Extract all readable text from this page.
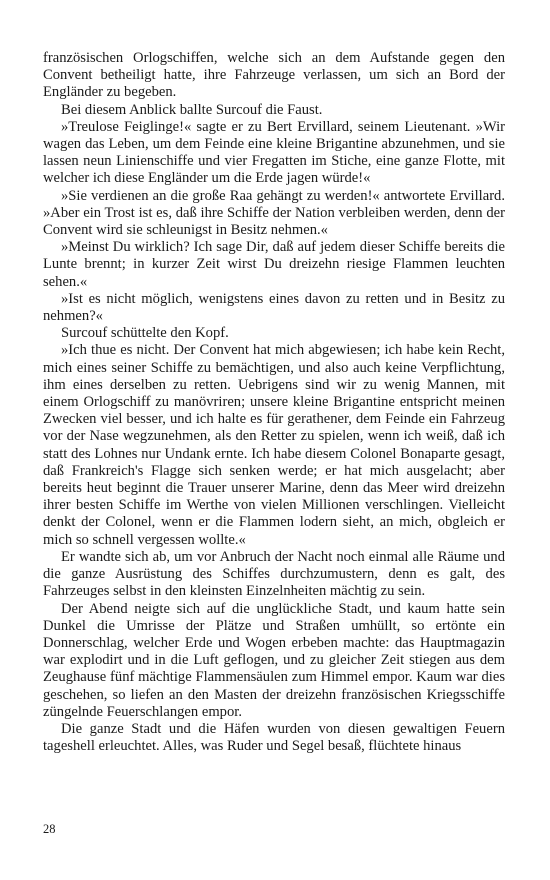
französischen Orlogschiffen, welche sich an dem Aufstande gegen den Convent betheiligt hatte, ihre Fahrzeuge verlassen, um sich an Bord der Engländer zu begeben.

Bei diesem Anblick ballte Surcouf die Faust.

»Treulose Feiglinge!« sagte er zu Bert Ervillard, seinem Lieutenant. »Wir wagen das Leben, um dem Feinde eine kleine Brigantine abzunehmen, und sie lassen neun Linienschiffe und vier Fregatten im Stiche, eine ganze Flotte, mit welcher ich diese Engländer um die Erde jagen würde!«

»Sie verdienen an die große Raa gehängt zu werden!« antwortete Ervillard. »Aber ein Trost ist es, daß ihre Schiffe der Nation verbleiben werden, denn der Convent wird sie schleunigst in Besitz nehmen.«

»Meinst Du wirklich? Ich sage Dir, daß auf jedem dieser Schiffe bereits die Lunte brennt; in kurzer Zeit wirst Du dreizehn riesige Flammen leuchten sehen.«

»Ist es nicht möglich, wenigstens eines davon zu retten und in Besitz zu nehmen?«

Surcouf schüttelte den Kopf.

»Ich thue es nicht. Der Convent hat mich abgewiesen; ich habe kein Recht, mich eines seiner Schiffe zu bemächtigen, und also auch keine Verpflichtung, ihm eines derselben zu retten. Uebrigens sind wir zu wenig Mannen, mit einem Orlogschiff zu manövriren; unsere kleine Brigantine entspricht meinen Zwecken viel besser, und ich halte es für gerathener, dem Feinde ein Fahrzeug vor der Nase wegzunehmen, als den Retter zu spielen, wenn ich weiß, daß ich statt des Lohnes nur Undank ernte. Ich habe diesem Colonel Bonaparte gesagt, daß Frankreich's Flagge sich senken werde; er hat mich ausgelacht; aber bereits heut beginnt die Trauer unserer Marine, denn das Meer wird dreizehn ihrer besten Schiffe im Werthe von vielen Millionen verschlingen. Vielleicht denkt der Colonel, wenn er die Flammen lodern sieht, an mich, obgleich er mich so schnell vergessen wollte.«

Er wandte sich ab, um vor Anbruch der Nacht noch einmal alle Räume und die ganze Ausrüstung des Schiffes durchzumustern, denn es galt, des Fahrzeuges selbst in den kleinsten Einzelnheiten mächtig zu sein.

Der Abend neigte sich auf die unglückliche Stadt, und kaum hatte sein Dunkel die Umrisse der Plätze und Straßen umhüllt, so ertönte ein Donnerschlag, welcher Erde und Wogen erbeben machte: das Hauptmagazin war explodirt und in die Luft geflogen, und zu gleicher Zeit stiegen aus dem Zeughause fünf mächtige Flammensäulen zum Himmel empor. Kaum war dies geschehen, so liefen an den Masten der dreizehn französischen Kriegsschiffe züngelnde Feuerschlangen empor.

Die ganze Stadt und die Häfen wurden von diesen gewaltigen Feuern tageshell erleuchtet. Alles, was Ruder und Segel besaß, flüchtete hinaus

28
